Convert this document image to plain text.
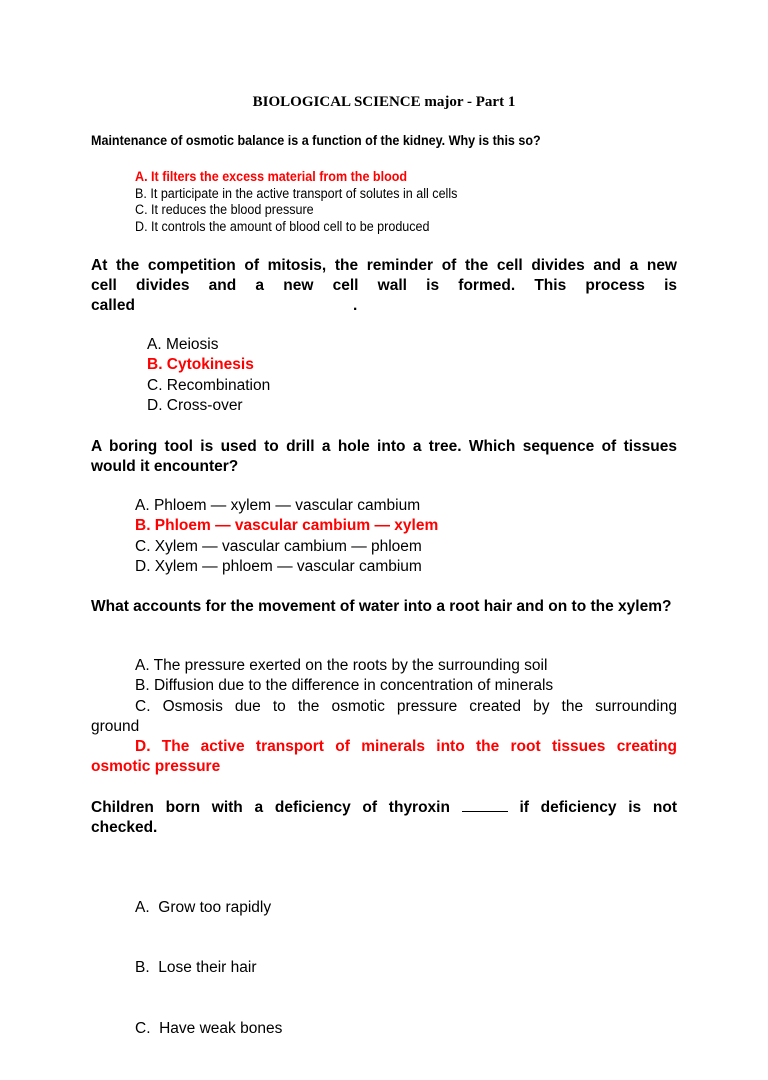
BIOLOGICAL SCIENCE major - Part 1
Maintenance of osmotic balance is a function of the kidney. Why is this so?
A. It filters the excess material from the blood
B. It participate in the active transport of solutes in all cells
C. It reduces the blood pressure
D. It controls the amount of blood cell to be produced
At the competition of mitosis, the reminder of the cell divides and a new
cell divides and a new cell wall is formed. This process is
called	.
A. Meiosis
B. Cytokinesis
C. Recombination
D. Cross-over
A boring tool is used to drill a hole into a tree. Which sequence of tissues would it encounter?
A. Phloem — xylem — vascular cambium
B. Phloem — vascular cambium — xylem
C. Xylem — vascular cambium — phloem
D. Xylem — phloem — vascular cambium
What accounts for the movement of water into a root hair and on to the xylem?
A. The pressure exerted on the roots by the surrounding soil
B. Diffusion due to the difference in concentration of minerals
C. Osmosis due to the osmotic pressure created by the surrounding
ground
D. The active transport of minerals into the root tissues creating
osmotic pressure
Children born with a deficiency of thyroxin	if deficiency is not
checked.

A.  Grow too rapidly

B.  Lose their hair

C.  Have weak bones
